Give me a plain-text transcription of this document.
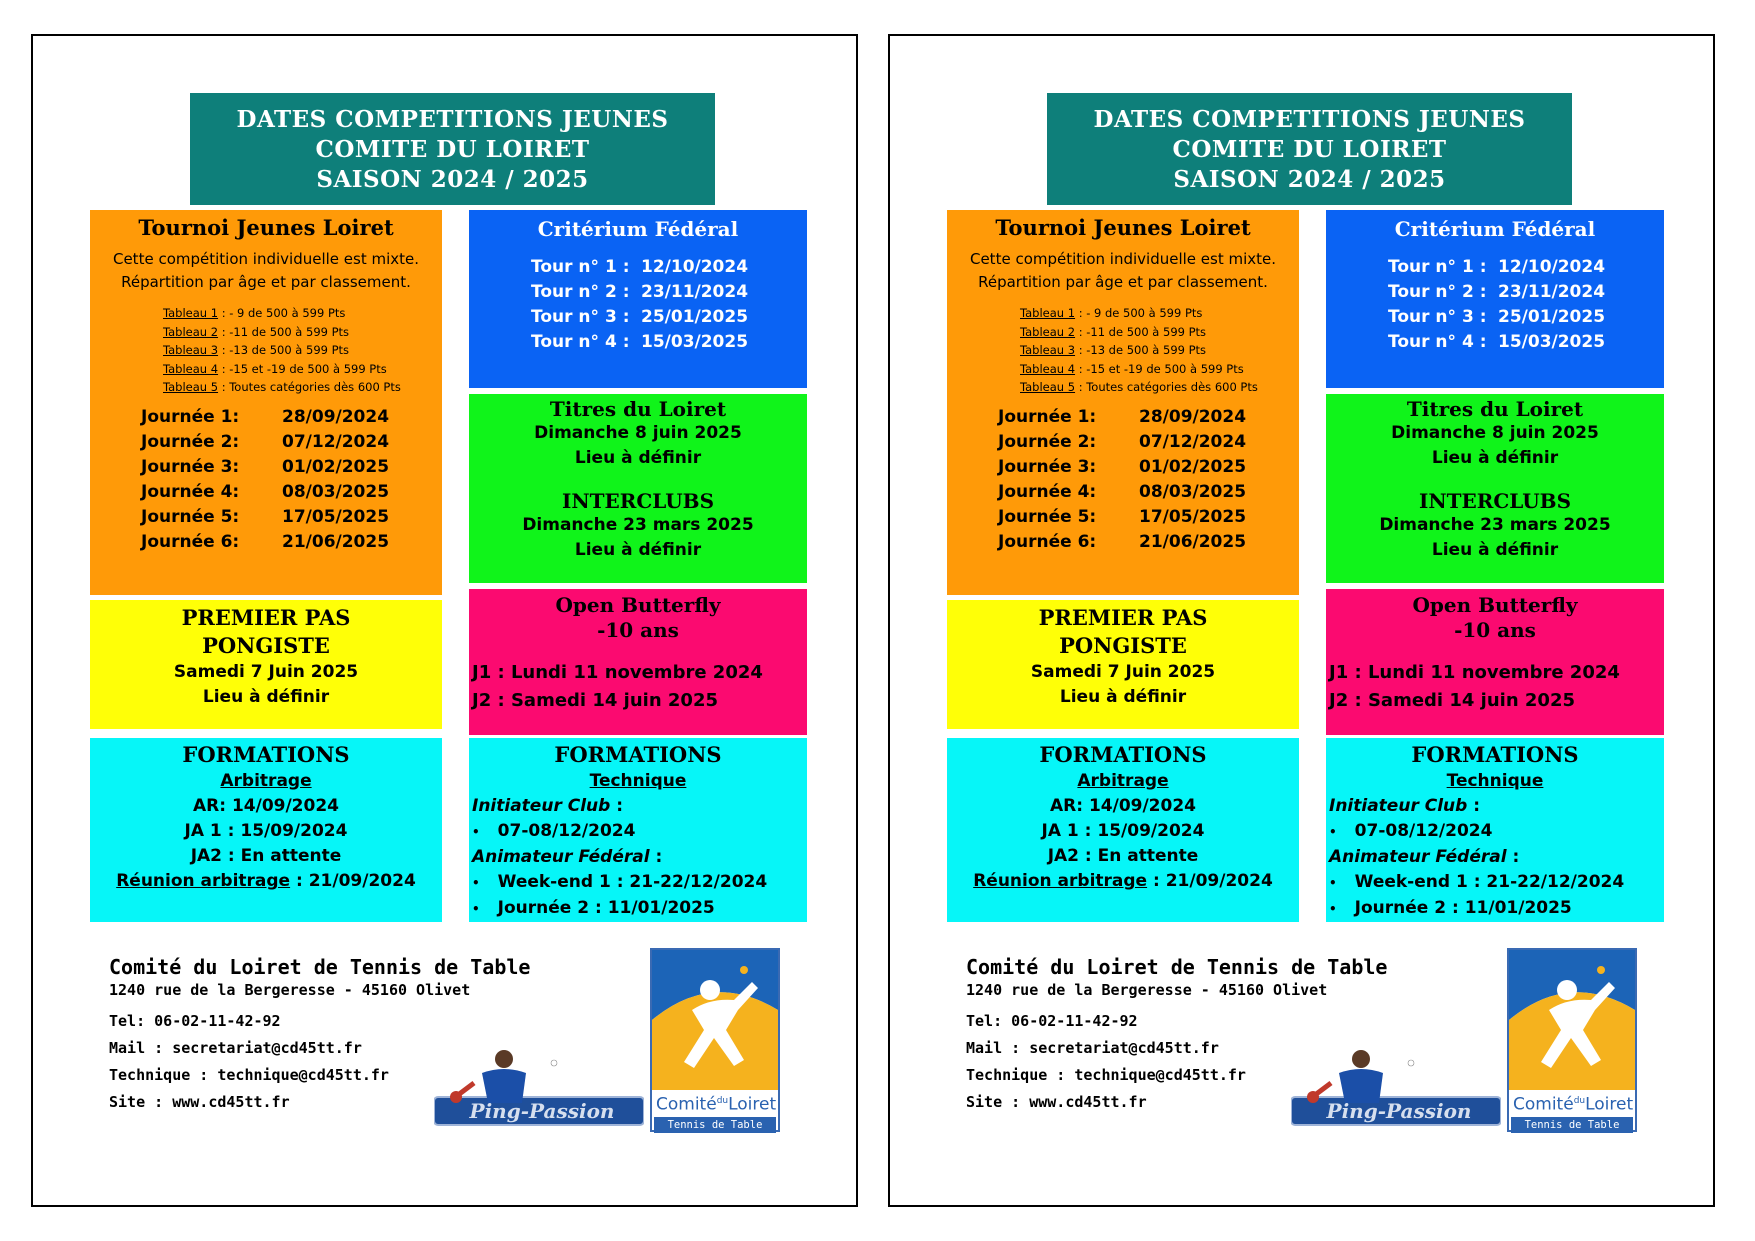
DATES COMPETITIONS JEUNES
COMITE DU LOIRET
SAISON 2024 / 2025
Tournoi Jeunes Loiret
Cette compétition individuelle est mixte.
Répartition par âge et par classement.
Tableau 1 : - 9 de 500 à 599 Pts
Tableau 2 : -11 de 500 à 599 Pts
Tableau 3 : -13 de 500 à 599 Pts
Tableau 4 : -15 et -19 de 500 à 599 Pts
Tableau 5 : Toutes catégories dès 600 Pts
Journée 1:	28/09/2024
Journée 2:	07/12/2024
Journée 3:	01/02/2025
Journée 4:	08/03/2025
Journée 5:	17/05/2025
Journée 6:	21/06/2025
Critérium Fédéral
Tour n° 1 : 12/10/2024
Tour n° 2 : 23/11/2024
Tour n° 3 : 25/01/2025
Tour n° 4 : 15/03/2025
Titres du Loiret
Dimanche 8 juin 2025
Lieu à définir
INTERCLUBS
Dimanche 23 mars 2025
Lieu à définir
PREMIER PAS
PONGISTE
Samedi 7 Juin 2025
Lieu à définir
Open Butterfly
-10 ans
J1 : Lundi 11 novembre 2024
J2 : Samedi 14 juin 2025
FORMATIONS
Arbitrage
AR: 14/09/2024
JA 1 : 15/09/2024
JA2 : En attente
Réunion arbitrage : 21/09/2024
FORMATIONS
Technique
Initiateur Club :
• 07-08/12/2024
Animateur Fédéral :
• Week-end 1 : 21-22/12/2024
• Journée 2 : 11/01/2025
Comité du Loiret de Tennis de Table
1240 rue de la Bergeresse - 45160 Olivet
Tel: 06-02-11-42-92
Mail : secretariat@cd45tt.fr
Technique : technique@cd45tt.fr
Site : www.cd45tt.fr	Ping-Passion	Comité$^{du}$Loiret
Tennis de Table
DATES COMPETITIONS JEUNES
COMITE DU LOIRET
SAISON 2024 / 2025
Tournoi Jeunes Loiret
Cette compétition individuelle est mixte.
Répartition par âge et par classement.
Tableau 1 : - 9 de 500 à 599 Pts
Tableau 2 : -11 de 500 à 599 Pts
Tableau 3 : -13 de 500 à 599 Pts
Tableau 4 : -15 et -19 de 500 à 599 Pts
Tableau 5 : Toutes catégories dès 600 Pts
Journée 1:	28/09/2024
Journée 2:	07/12/2024
Journée 3:	01/02/2025
Journée 4:	08/03/2025
Journée 5:	17/05/2025
Journée 6:	21/06/2025
Critérium Fédéral
Tour n° 1 : 12/10/2024
Tour n° 2 : 23/11/2024
Tour n° 3 : 25/01/2025
Tour n° 4 : 15/03/2025
Titres du Loiret
Dimanche 8 juin 2025
Lieu à définir
INTERCLUBS
Dimanche 23 mars 2025
Lieu à définir
PREMIER PAS
PONGISTE
Samedi 7 Juin 2025
Lieu à définir
Open Butterfly
-10 ans
J1 : Lundi 11 novembre 2024
J2 : Samedi 14 juin 2025
FORMATIONS
Arbitrage
AR: 14/09/2024
JA 1 : 15/09/2024
JA2 : En attente
Réunion arbitrage : 21/09/2024
FORMATIONS
Technique
Initiateur Club :
• 07-08/12/2024
Animateur Fédéral :
• Week-end 1 : 21-22/12/2024
• Journée 2 : 11/01/2025
Comité du Loiret de Tennis de Table
1240 rue de la Bergeresse - 45160 Olivet
Tel: 06-02-11-42-92
Mail : secretariat@cd45tt.fr
Technique : technique@cd45tt.fr
Site : www.cd45tt.fr	Ping-Passion	Comité$^{du}$Loiret
Tennis de Table
